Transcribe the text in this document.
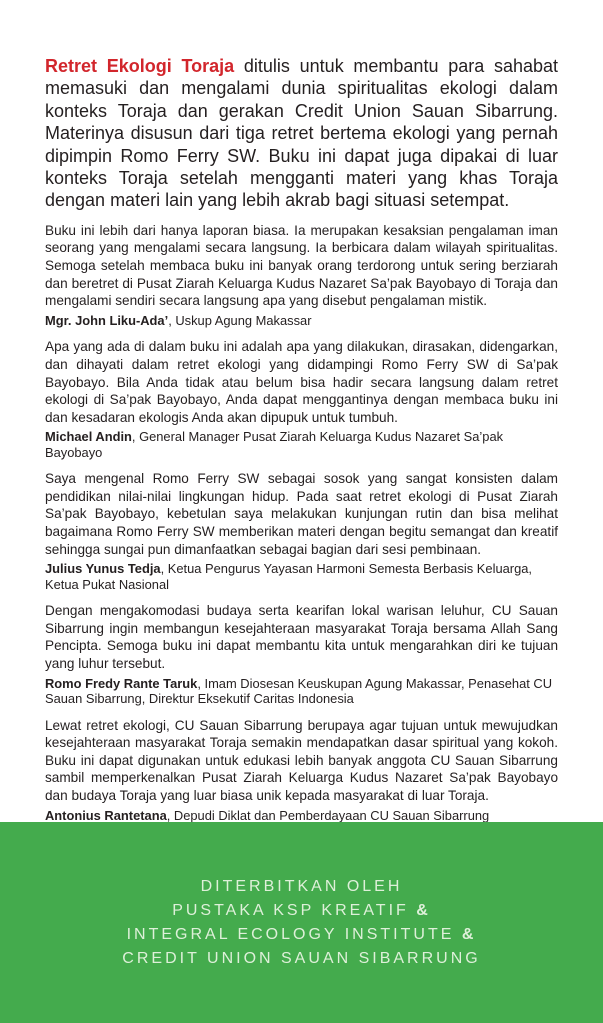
Retret Ekologi Toraja ditulis untuk membantu para sahabat memasuki dan mengalami dunia spiritualitas ekologi dalam konteks Toraja dan gerakan Credit Union Sauan Sibarrung. Materinya disusun dari tiga retret bertema ekologi yang pernah dipimpin Romo Ferry SW. Buku ini dapat juga dipakai di luar konteks Toraja setelah mengganti materi yang khas Toraja dengan materi lain yang lebih akrab bagi situasi setempat.

Buku ini lebih dari hanya laporan biasa. Ia merupakan kesaksian pengalaman iman seorang yang mengalami secara langsung. Ia berbicara dalam wilayah spiritualitas. Semoga setelah membaca buku ini banyak orang terdorong untuk sering berziarah dan beretret di Pusat Ziarah Keluarga Kudus Nazaret Sa’pak Bayobayo di Toraja dan mengalami sendiri secara langsung apa yang disebut pengalaman mistik.

Mgr. John Liku-Ada’, Uskup Agung Makassar

Apa yang ada di dalam buku ini adalah apa yang dilakukan, dirasakan, didengarkan, dan dihayati dalam retret ekologi yang didampingi Romo Ferry SW di Sa’pak Bayobayo. Bila Anda tidak atau belum bisa hadir secara langsung dalam retret ekologi di Sa’pak Bayobayo, Anda dapat menggantinya dengan membaca buku ini dan kesadaran ekologis Anda akan dipupuk untuk tumbuh.

Michael Andin, General Manager Pusat Ziarah Keluarga Kudus Nazaret Sa’pak Bayobayo

Saya mengenal Romo Ferry SW sebagai sosok yang sangat konsisten dalam pendidikan nilai-nilai lingkungan hidup. Pada saat retret ekologi di Pusat Ziarah Sa’pak Bayobayo, kebetulan saya melakukan kunjungan rutin dan bisa melihat bagaimana Romo Ferry SW memberikan materi dengan begitu semangat dan kreatif sehingga sungai pun dimanfaatkan sebagai bagian dari sesi pembinaan.

Julius Yunus Tedja, Ketua Pengurus Yayasan Harmoni Semesta Berbasis Keluarga, Ketua Pukat Nasional

Dengan mengakomodasi budaya serta kearifan lokal warisan leluhur, CU Sauan Sibarrung ingin membangun kesejahteraan masyarakat Toraja bersama Allah Sang Pencipta. Semoga buku ini dapat membantu kita untuk mengarahkan diri ke tujuan yang luhur tersebut.

Romo Fredy Rante Taruk, Imam Diosesan Keuskupan Agung Makassar, Penasehat CU Sauan Sibarrung, Direktur Eksekutif Caritas Indonesia

Lewat retret ekologi, CU Sauan Sibarrung berupaya agar tujuan untuk mewujudkan kesejahteraan masyarakat Toraja semakin mendapatkan dasar spiritual yang kokoh. Buku ini dapat digunakan untuk edukasi lebih banyak anggota CU Sauan Sibarrung sambil memperkenalkan Pusat Ziarah Keluarga Kudus Nazaret Sa’pak Bayobayo dan budaya Toraja yang luar biasa unik kepada masyarakat di luar Toraja.

Antonius Rantetana, Depudi Diklat dan Pemberdayaan CU Sauan Sibarrung

DITERBITKAN OLEH
PUSTAKA KSP KREATIF &
INTEGRAL ECOLOGY INSTITUTE &
CREDIT UNION SAUAN SIBARRUNG
